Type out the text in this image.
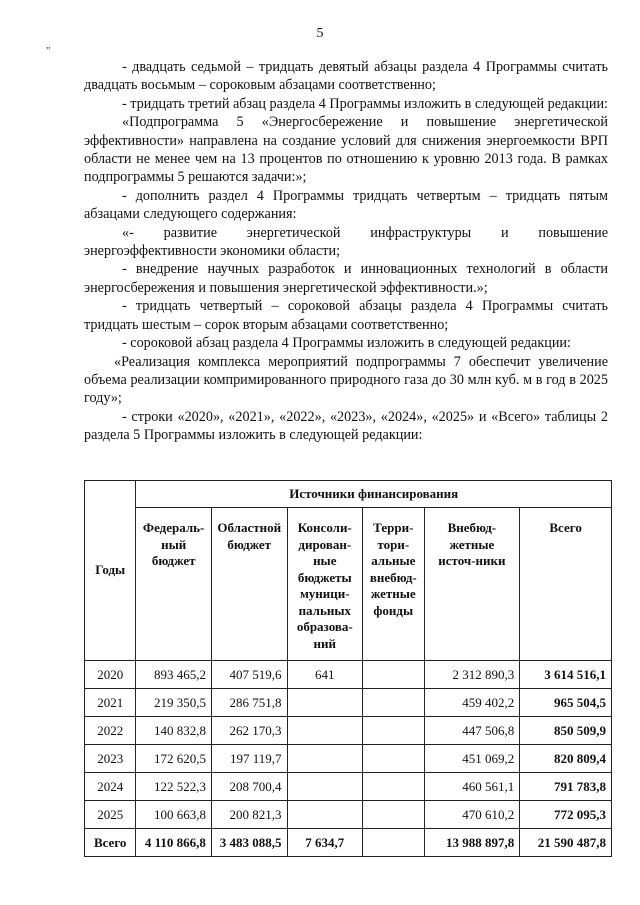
5
„

- двадцать седьмой – тридцать девятый абзацы раздела 4 Программы считать двадцать восьмым – сороковым абзацами соответственно;

- тридцать третий абзац раздела 4 Программы изложить в следующей редакции:

«Подпрограмма 5 «Энергосбережение и повышение энергетической эффективности» направлена на создание условий для снижения энергоемкости ВРП области не менее чем на 13 процентов по отношению к уровню 2013 года. В рамках подпрограммы 5 решаются задачи:»;

- дополнить раздел 4 Программы тридцать четвертым – тридцать пятым абзацами следующего содержания:

«- развитие энергетической инфраструктуры и повышение энергоэффективности экономики области;

- внедрение научных разработок и инновационных технологий в области энергосбережения и повышения энергетической эффективности.»;

- тридцать четвертый – сороковой абзацы раздела 4 Программы считать тридцать шестым – сорок вторым абзацами соответственно;

- сороковой абзац раздела 4 Программы изложить в следующей редакции:

«Реализация комплекса мероприятий подпрограммы 7 обеспечит увеличение объема реализации компримированного природного газа до 30 млн куб. м в год в 2025 году»;

- строки «2020», «2021», «2022», «2023», «2024», «2025» и «Всего» таблицы 2 раздела 5 Программы изложить в следующей редакции:

Годы	Источники финансирования					
	Федераль-ный бюджет	Областной бюджет	Консоли-дирован-ные бюджеты муници-пальных образова-ний	Терри-тори-альные внебюд-жетные фонды	Внебюд-жетные источ-ники	Всего
2020	893 465,2	407 519,6	641		2 312 890,3	3 614 516,1
2021	219 350,5	286 751,8			459 402,2	965 504,5
2022	140 832,8	262 170,3			447 506,8	850 509,9
2023	172 620,5	197 119,7			451 069,2	820 809,4
2024	122 522,3	208 700,4			460 561,1	791 783,8
2025	100 663,8	200 821,3			470 610,2	772 095,3
Всего	4 110 866,8	3 483 088,5	7 634,7		13 988 897,8	21 590 487,8
